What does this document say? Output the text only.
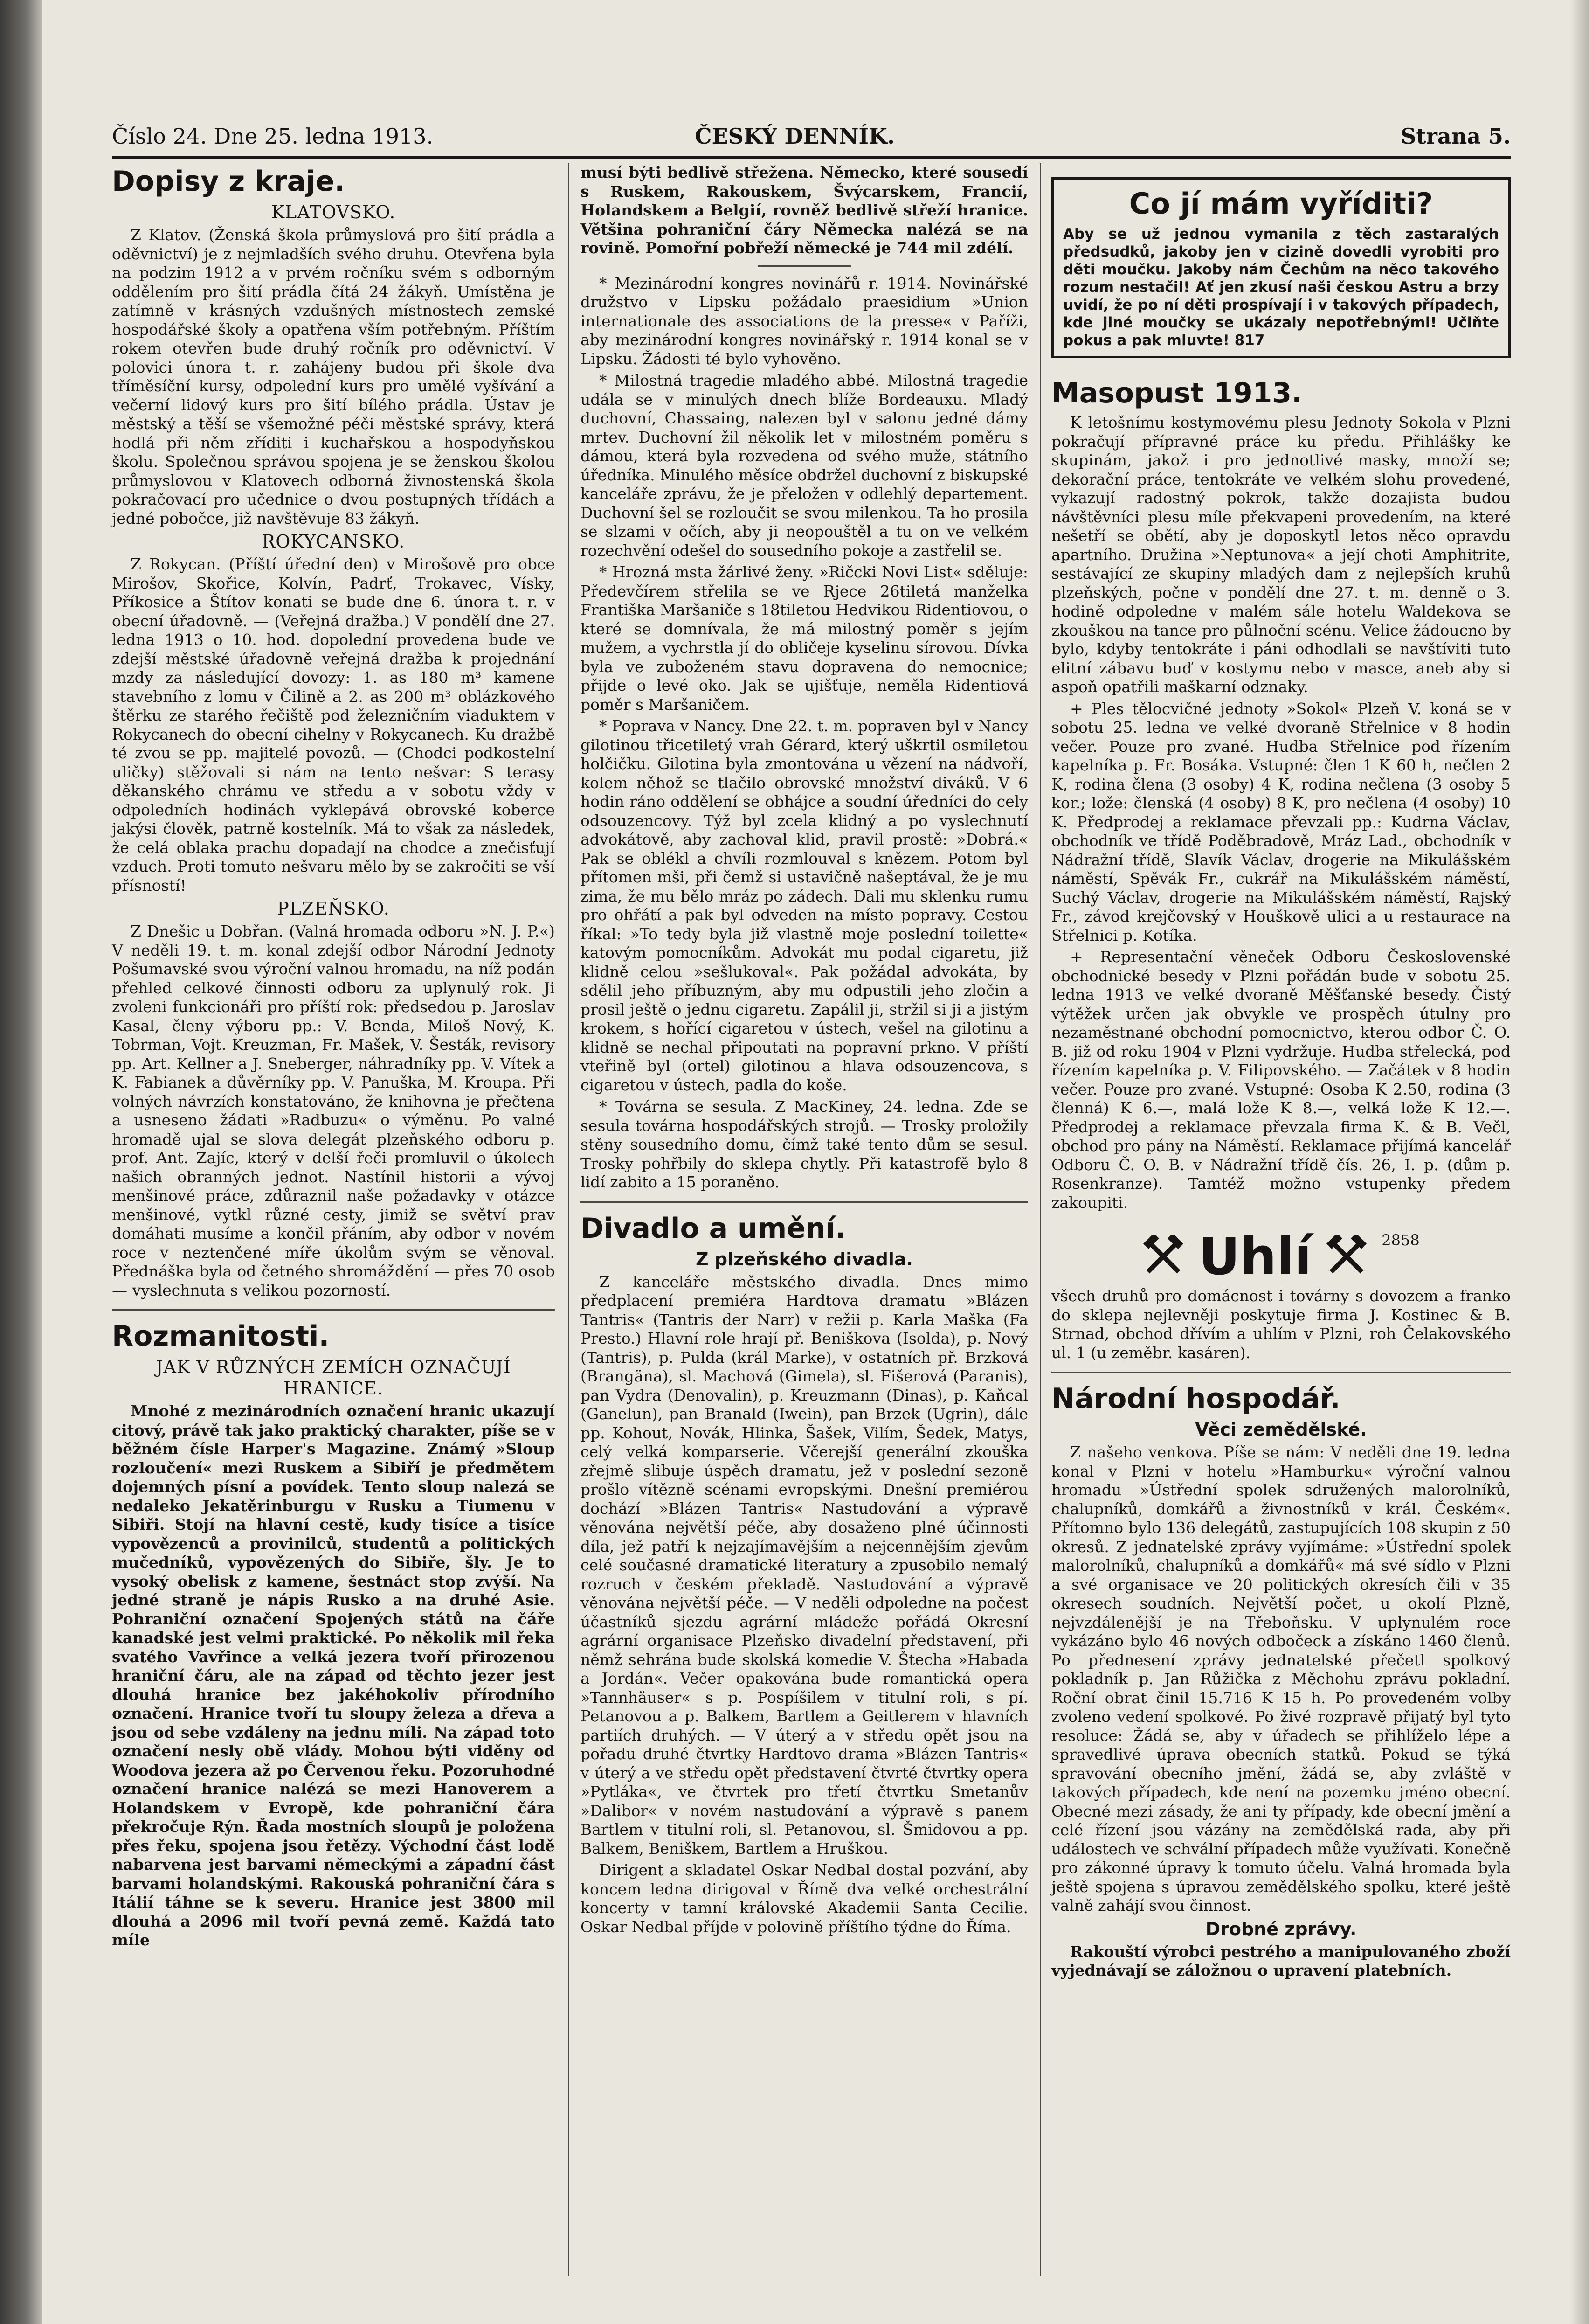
Číslo 24. Dne 25. ledna 1913.	ČESKÝ DENNÍK.	Strana 5.
Dopisy z kraje.
KLATOVSKO.

Z Klatov. (Ženská škola průmyslová pro šití prádla a oděvnictví) je z nejmladších svého druhu. Otevřena byla na podzim 1912 a v prvém ročníku svém s odborným oddělením pro šití prádla čítá 24 žákyň. Umístěna je zatímně v krásných vzdušných místnostech zemské hospodářské školy a opatřena vším potřebným. Příštím rokem otevřen bude druhý ročník pro oděvnictví. V polovici února t. r. zahájeny budou při škole dva tříměsíční kursy, odpolední kurs pro umělé vyšívání a večerní lidový kurs pro šití bílého prádla. Ústav je městský a těší se všemožné péči městské správy, která hodlá při něm zříditi i kuchařskou a hospodyňskou školu. Společnou správou spojena je se ženskou školou průmyslovou v Klatovech odborná živnostenská škola pokračovací pro učednice o dvou postupných třídách a jedné pobočce, již navštěvuje 83 žákyň.

ROKYCANSKO.

Z Rokycan. (Příští úřední den) v Mirošově pro obce Mirošov, Skořice, Kolvín, Padrť, Trokavec, Vísky, Příkosice a Štítov konati se bude dne 6. února t. r. v obecní úřadovně. — (Veřejná dražba.) V pondělí dne 27. ledna 1913 o 10. hod. dopolední provedena bude ve zdejší městské úřadovně veřejná dražba k projednání mzdy za následující dovozy: 1. as 180 m³ kamene stavebního z lomu v Čilině a 2. as 200 m³ oblázkového štěrku ze starého řečiště pod železničním viaduktem v Rokycanech do obecní cihelny v Rokycanech. Ku dražbě té zvou se pp. majitelé povozů. — (Chodci podkostelní uličky) stěžovali si nám na tento nešvar: S terasy děkanského chrámu ve středu a v sobotu vždy v odpoledních hodinách vyklepává obrovské koberce jakýsi člověk, patrně kostelník. Má to však za následek, že celá oblaka prachu dopadají na chodce a znečisťují vzduch. Proti tomuto nešvaru mělo by se zakročiti se vší přísností!

PLZEŇSKO.

Z Dnešic u Dobřan. (Valná hromada odboru »N. J. P.«) V neděli 19. t. m. konal zdejší odbor Národní Jednoty Pošumavské svou výroční valnou hromadu, na níž podán přehled celkové činnosti odboru za uplynulý rok. Ji zvoleni funkcionáři pro příští rok: předsedou p. Jaroslav Kasal, členy výboru pp.: V. Benda, Miloš Nový, K. Tobrman, Vojt. Kreuzman, Fr. Mašek, V. Šesták, revisory pp. Art. Kellner a J. Sneberger, náhradníky pp. V. Vítek a K. Fabianek a důvěrníky pp. V. Panuška, M. Kroupa. Při volných návrzích konstatováno, že knihovna je přečtena a usneseno žádati »Radbuzu« o výměnu. Po valné hromadě ujal se slova delegát plzeňského odboru p. prof. Ant. Zajíc, který v delší řeči promluvil o úkolech našich obranných jednot. Nastínil historii a vývoj menšinové práce, zdůraznil naše požadavky v otázce menšinové, vytkl různé cesty, jimiž se světví prav domáhati musíme a končil přáním, aby odbor v novém roce v neztenčené míře úkolům svým se věnoval. Přednáška byla od četného shromáždění — přes 70 osob — vyslechnuta s velikou pozorností.

Rozmanitosti.
JAK V RŮZNÝCH ZEMÍCH OZNAČUJÍ HRANICE.

Mnohé z mezinárodních označení hranic ukazují citový, právě tak jako praktický charakter, píše se v běžném čísle Harper's Magazine. Známý »Sloup rozloučení« mezi Ruskem a Sibiří je předmětem dojemných písní a povídek. Tento sloup nalezá se nedaleko Jekatěrinburgu v Rusku a Tiumenu v Sibiři. Stojí na hlavní cestě, kudy tisíce a tisíce vypovězenců a provinilců, studentů a politických mučedníků, vypovězených do Sibiře, šly. Je to vysoký obelisk z kamene, šestnáct stop zvýší. Na jedné straně je nápis Rusko a na druhé Asie. Pohraniční označení Spojených států na čáře kanadské jest velmi praktické. Po několik mil řeka svatého Vavřince a velká jezera tvoří přirozenou hraniční čáru, ale na západ od těchto jezer jest dlouhá hranice bez jakéhokoliv přírodního označení. Hranice tvoří tu sloupy železa a dřeva a jsou od sebe vzdáleny na jednu míli. Na západ toto označení nesly obě vlády. Mohou býti viděny od Woodova jezera až po Červenou řeku. Pozoruhodné označení hranice nalézá se mezi Hanoverem a Holandskem v Evropě, kde pohraniční čára překročuje Rýn. Řada mostních sloupů je položena přes řeku, spojena jsou řetězy. Východní část lodě nabarvena jest barvami německými a západní část barvami holandskými. Rakouská pohraniční čára s Itálií táhne se k severu. Hranice jest 3800 mil dlouhá a 2096 mil tvoří pevná země. Každá tato míle

musí býti bedlivě střežena. Německo, které sousedí s Ruskem, Rakouskem, Švýcarskem, Francií, Holandskem a Belgií, rovněž bedlivě střeží hranice. Většina pohraniční čáry Německa nalézá se na rovině. Pomořní pobřeží německé je 744 mil zdélí.

* Mezinárodní kongres novinářů r. 1914. Novinářské družstvo v Lipsku požádalo praesidium »Union internationale des associations de la presse« v Paříži, aby mezinárodní kongres novinářský r. 1914 konal se v Lipsku. Žádosti té bylo vyhověno.

* Milostná tragedie mladého abbé. Milostná tragedie udála se v minulých dnech blíže Bordeauxu. Mladý duchovní, Chassaing, nalezen byl v salonu jedné dámy mrtev. Duchovní žil několik let v milostném poměru s dámou, která byla rozvedena od svého muže, státního úředníka. Minulého měsíce obdržel duchovní z biskupské kanceláře zprávu, že je přeložen v odlehlý departement. Duchovní šel se rozloučit se svou milenkou. Ta ho prosila se slzami v očích, aby ji neopouštěl a tu on ve velkém rozechvění odešel do sousedního pokoje a zastřelil se.

* Hrozná msta žárlivé ženy. »Ričcki Novi List« sděluje: Předevčírem střelila se ve Rjece 26tiletá manželka Františka Maršaniče s 18tiletou Hedvikou Ridentiovou, o které se domnívala, že má milostný poměr s jejím mužem, a vychrstla jí do obličeje kyselinu sírovou. Dívka byla ve zuboženém stavu dopravena do nemocnice; přijde o levé oko. Jak se ujišťuje, neměla Ridentiová poměr s Maršaničem.

* Poprava v Nancy. Dne 22. t. m. popraven byl v Nancy gilotinou třicetiletý vrah Gérard, který uškrtil osmiletou holčičku. Gilotina byla zmontována u vězení na nádvoří, kolem něhož se tlačilo obrovské množství diváků. V 6 hodin ráno oddělení se obhájce a soudní úředníci do cely odsouzencovy. Týž byl zcela klidný a po vyslechnutí advokátově, aby zachoval klid, pravil prostě: »Dobrá.« Pak se oblékl a chvíli rozmlouval s knězem. Potom byl přítomen mši, při čemž si ustavičně našeptával, že je mu zima, že mu bělo mráz po zádech. Dali mu sklenku rumu pro ohřátí a pak byl odveden na místo popravy. Cestou říkal: »To tedy byla již vlastně moje poslední toilette« katovým pomocníkům. Advokát mu podal cigaretu, již klidně celou »sešlukoval«. Pak požádal advokáta, by sdělil jeho příbuzným, aby mu odpustili jeho zločin a prosil ještě o jednu cigaretu. Zapálil ji, stržil si ji a jistým krokem, s hořící cigaretou v ústech, vešel na gilotinu a klidně se nechal připoutati na popravní prkno. V příští vteřině byl (ortel) gilotinou a hlava odsouzencova, s cigaretou v ústech, padla do koše.

* Továrna se sesula. Z MacKiney, 24. ledna. Zde se sesula továrna hospodářských strojů. — Trosky proložily stěny sousedního domu, čímž také tento dům se sesul. Trosky pohřbily do sklepa chytly. Při katastrofě bylo 8 lidí zabito a 15 poraněno.

Divadlo a umění.
Z plzeňského divadla.

Z kanceláře městského divadla. Dnes mimo předplacení premiéra Hardtova dramatu »Blázen Tantris« (Tantris der Narr) v režii p. Karla Maška (Fa Presto.) Hlavní role hrají př. Beniškova (Isolda), p. Nový (Tantris), p. Pulda (král Marke), v ostatních př. Brzková (Brangäna), sl. Machová (Gimela), sl. Fišerová (Paranis), pan Vydra (Denovalin), p. Kreuzmann (Dinas), p. Kaňcal (Ganelun), pan Branald (Iwein), pan Brzek (Ugrin), dále pp. Kohout, Novák, Hlinka, Šašek, Vilím, Šedek, Matys, celý velká komparserie. Včerejší generální zkouška zřejmě slibuje úspěch dramatu, jež v poslední sezoně prošlo vítězně scénami evropskými. Dnešní premiérou dochází »Blázen Tantris« Nastudování a výpravě věnována největší péče, aby dosaženo plné účinnosti díla, jež patří k nejzajímavějším a nejcennějším zjevům celé současné dramatické literatury a zpusobilo nemalý rozruch v českém překladě. Nastudování a výpravě věnována největší péče. — V neděli odpoledne na počest účastníků sjezdu agrární mládeže pořádá Okresní agrární organisace Plzeňsko divadelní představení, při němž sehrána bude skolská komedie V. Štecha »Habada a Jordán«. Večer opakována bude romantická opera »Tannhäuser« s p. Pospíšilem v titulní roli, s pí. Petanovou a p. Balkem, Bartlem a Geitlerem v hlavních partiích druhých. — V úterý a v středu opět jsou na pořadu druhé čtvrtky Hardtovo drama »Blázen Tantris« v úterý a ve středu opět představení čtvrté čtvrtky opera »Pytláka«, ve čtvrtek pro třetí čtvrtku Smetanův »Dalibor« v novém nastudování a výpravě s panem Bartlem v titulní roli, sl. Petanovou, sl. Šmidovou a pp. Balkem, Beniškem, Bartlem a Hruškou.

Dirigent a skladatel Oskar Nedbal dostal pozvání, aby koncem ledna dirigoval v Římě dva velké orchestrální koncerty v tamní královské Akademii Santa Cecilie. Oskar Nedbal příjde v polovině příštího týdne do Říma.

Co jí mám vyříditi?
Aby se už jednou vymanila z těch zastaralých předsudků, jakoby jen v cizině dovedli vyrobiti pro děti moučku. Jakoby nám Čechům na něco takového rozum nestačil! Ať jen zkusí naši českou Astru a brzy uvidí, že po ní děti prospívají i v takových případech, kde jiné moučky se ukázaly nepotřebnými! Učiňte pokus a pak mluvte! 817
Masopust 1913.

K letošnímu kostymovému plesu Jednoty Sokola v Plzni pokračují přípravné práce ku předu. Přihlášky ke skupinám, jakož i pro jednotlivé masky, množí se; dekorační práce, tentokráte ve velkém slohu provedené, vykazují radostný pokrok, takže dozajista budou návštěvníci plesu míle překvapeni provedením, na které nešetří se obětí, aby je doposkytl letos něco opravdu apartního. Družina »Neptunova« a její choti Amphitrite, sestávající ze skupiny mladých dam z nejlepších kruhů plzeňských, počne v pondělí dne 27. t. m. denně o 3. hodině odpoledne v malém sále hotelu Waldekova se zkouškou na tance pro půlnoční scénu. Velice žádoucno by bylo, kdyby tentokráte i páni odhodlali se navštíviti tuto elitní zábavu buď v kostymu nebo v masce, aneb aby si aspoň opatřili maškarní odznaky.

+ Ples tělocvičné jednoty »Sokol« Plzeň V. koná se v sobotu 25. ledna ve velké dvoraně Střelnice v 8 hodin večer. Pouze pro zvané. Hudba Střelnice pod řízením kapelníka p. Fr. Bosáka. Vstupné: člen 1 K 60 h, nečlen 2 K, rodina člena (3 osoby) 4 K, rodina nečlena (3 osoby 5 kor.; lože: členská (4 osoby) 8 K, pro nečlena (4 osoby) 10 K. Předprodej a reklamace převzali pp.: Kudrna Václav, obchodník ve třídě Poděbradově, Mráz Lad., obchodník v Nádražní třídě, Slavík Václav, drogerie na Mikulášském náměstí, Spěvák Fr., cukrář na Mikulášském náměstí, Suchý Václav, drogerie na Mikulášském náměstí, Rajský Fr., závod krejčovský v Houškově ulici a u restaurace na Střelnici p. Kotíka.

+ Representační věneček Odboru Československé obchodnické besedy v Plzni pořádán bude v sobotu 25. ledna 1913 ve velké dvoraně Měšťanské besedy. Čistý výtěžek určen jak obvykle ve prospěch útulny pro nezaměstnané obchodní pomocnictvo, kterou odbor Č. O. B. již od roku 1904 v Plzni vydržuje. Hudba střelecká, pod řízením kapelníka p. V. Filipovského. — Začátek v 8 hodin večer. Pouze pro zvané. Vstupné: Osoba K 2.50, rodina (3 členná) K 6.—, malá lože K 8.—, velká lože K 12.—. Předprodej a reklamace převzala firma K. & B. Večl, obchod pro pány na Náměstí. Reklamace přijímá kancelář Odboru Č. O. B. v Nádražní třídě čís. 26, I. p. (dům p. Rosenkranze). Tamtéž možno vstupenky předem zakoupiti.

Uhlí	2858

všech druhů pro domácnost i továrny s dovozem a franko do sklepa nejlevněji poskytuje firma J. Kostinec & B. Strnad, obchod dřívím a uhlím v Plzni, roh Čelakovského ul. 1 (u zeměbr. kasáren).

Národní hospodář.
Věci zemědělské.

Z našeho venkova. Píše se nám: V neděli dne 19. ledna konal v Plzni v hotelu »Hamburku« výroční valnou hromadu »Ústřední spolek sdružených malorolníků, chalupníků, domkářů a živnostníků v král. Českém«. Přítomno bylo 136 delegátů, zastupujících 108 skupin z 50 okresů. Z jednatelské zprávy vyjímáme: »Ústřední spolek malorolníků, chalupníků a domkářů« má své sídlo v Plzni a své organisace ve 20 politických okresích čili v 35 okresech soudních. Největší počet, u okolí Plzně, nejvzdálenější je na Třeboňsku. V uplynulém roce vykázáno bylo 46 nových odbočeck a získáno 1460 členů. Po přednesení zprávy jednatelské přečetl spolkový pokladník p. Jan Růžička z Měchohu zprávu pokladní. Roční obrat činil 15.716 K 15 h. Po provedeném volby zvoleno vedení spolkové. Po živé rozpravě přijatý byl tyto resoluce: Žádá se, aby v úřadech se přihlíželo lépe a spravedlivé úprava obecních statků. Pokud se týká spravování obecního jmění, žádá se, aby zvláště v takových případech, kde není na pozemku jméno obecní. Obecné mezi zásady, že ani ty případy, kde obecní jmění a celé řízení jsou vázány na zemědělská rada, aby při událostech ve schvální případech může využívati. Konečně pro zákonné úpravy k tomuto účelu. Valná hromada byla ještě spojena s úpravou zemědělského spolku, které ještě valně zahájí svou činnost.

Drobné zprávy.

Rakouští výrobci pestrého a manipulovaného zboží vyjednávají se záložnou o upravení platebních.
